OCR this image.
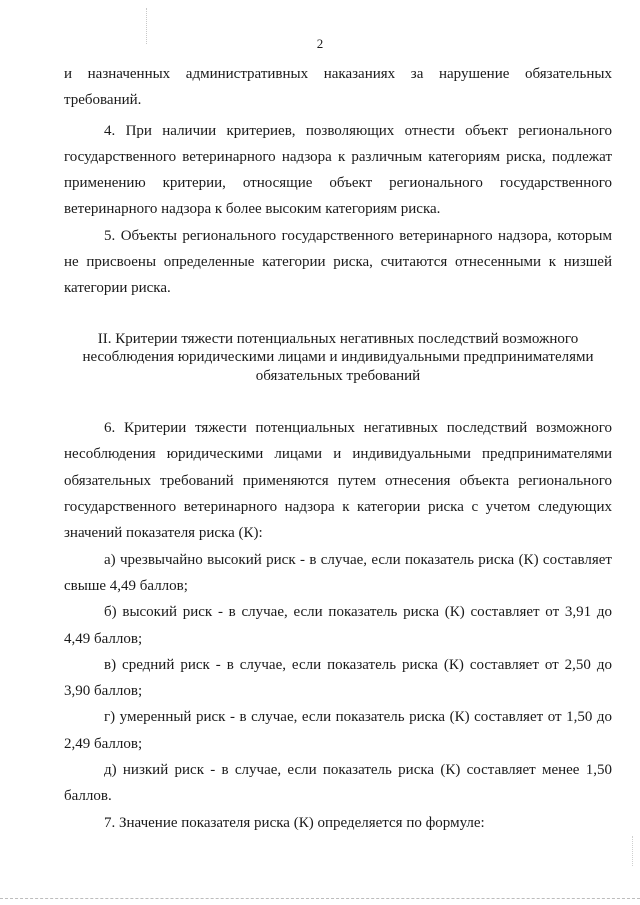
2

и назначенных административных наказаниях за нарушение обязательных требований.

4. При наличии критериев, позволяющих отнести объект регионального государственного ветеринарного надзора к различным категориям риска, подлежат применению критерии, относящие объект регионального государственного ветеринарного надзора к более высоким категориям риска.

5. Объекты регионального государственного ветеринарного надзора, которым не присвоены определенные категории риска, считаются отнесенными к низшей категории риска.

II. Критерии тяжести потенциальных негативных последствий возможного
несоблюдения юридическими лицами и индивидуальными предпринимателями
обязательных требований

6. Критерии тяжести потенциальных негативных последствий возможного несоблюдения юридическими лицами и индивидуальными предпринимателями обязательных требований применяются путем отнесения объекта регионального государственного ветеринарного надзора к категории риска с учетом следующих значений показателя риска (К):

а) чрезвычайно высокий риск - в случае, если показатель риска (К) составляет свыше 4,49 баллов;

б) высокий риск - в случае, если показатель риска (К) составляет от 3,91 до 4,49 баллов;

в) средний риск - в случае, если показатель риска (К) составляет от 2,50 до 3,90 баллов;

г) умеренный риск - в случае, если показатель риска (К) составляет от 1,50 до 2,49 баллов;

д) низкий риск - в случае, если показатель риска (К) составляет менее 1,50 баллов.

7. Значение показателя риска (К) определяется по формуле:
